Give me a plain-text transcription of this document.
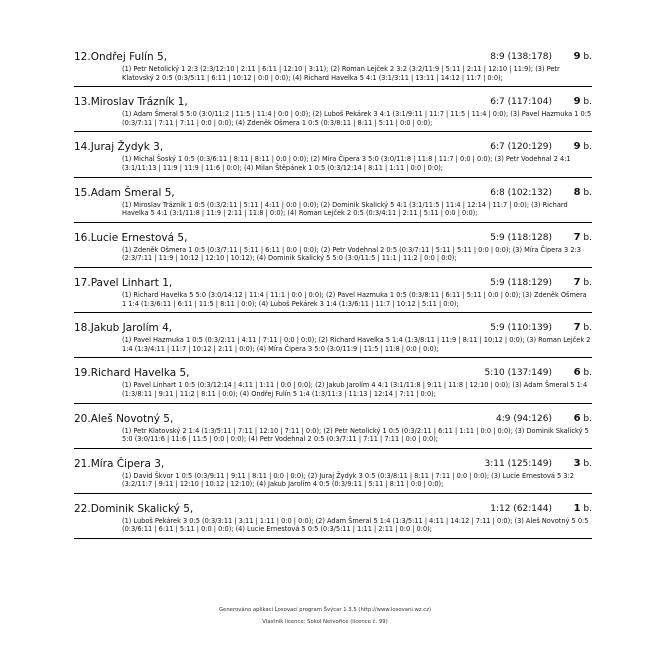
12.Ondřej Fulín 5,	8:9 (138:178) 9 b.
(1) Petr Netolický 1 2:3 (2:3/12:10 | 2:11 | 6:11 | 12:10 | 3:11); (2) Roman Lejček 2 3:2 (3:2/11:9 | 5:11 | 2:11 | 12:10 | 11:9); (3) Petr Klatovský 2 0:5 (0:3/5:11 | 6:11 | 10:12 | 0:0 | 0:0); (4) Richard Havelka 5 4:1 (3:1/3:11 | 13:11 | 14:12 | 11:7 | 0:0);
13.Miroslav Trázník 1,	6:7 (117:104) 9 b.
(1) Adam Šmeral 5 5:0 (3:0/11:2 | 11:5 | 11:4 | 0:0 | 0:0); (2) Luboš Pekárek 3 4:1 (3:1/9:11 | 11:7 | 11:5 | 11:4 | 0:0); (3) Pavel Hazmuka 1 0:5 (0:3/7:11 | 7:11 | 7:11 | 0:0 | 0:0); (4) Zdeněk Ošmera 1 0:5 (0:3/8:11 | 8:11 | 5:11 | 0:0 | 0:0);
14.Juraj Žydyk 3,	6:7 (120:129) 9 b.
(1) Michal Šoský 1 0:5 (0:3/6:11 | 8:11 | 8:11 | 0:0 | 0:0); (2) Míra Čipera 3 5:0 (3:0/11:8 | 11:8 | 11:7 | 0:0 | 0:0); (3) Petr Vodehnal 2 4:1 (3:1/11:13 | 11:9 | 11:9 | 11:6 | 0:0); (4) Milan Štěpánek 1 0:5 (0:3/12:14 | 8:11 | 1:11 | 0:0 | 0:0);
15.Adam Šmeral 5,	6:8 (102:132) 8 b.
(1) Miroslav Trázník 1 0:5 (0:3/2:11 | 5:11 | 4:11 | 0:0 | 0:0); (2) Dominik Skalický 5 4:1 (3:1/11:5 | 11:4 | 12:14 | 11:7 | 0:0); (3) Richard Havelka 5 4:1 (3:1/11:8 | 11:9 | 2:11 | 11:8 | 0:0); (4) Roman Lejček 2 0:5 (0:3/4:11 | 2:11 | 5:11 | 0:0 | 0:0);
16.Lucie Ernestová 5,	5:9 (118:128) 7 b.
(1) Zdeněk Ošmera 1 0:5 (0:3/7:11 | 5:11 | 6:11 | 0:0 | 0:0); (2) Petr Vodehnal 2 0:5 (0:3/7:11 | 5:11 | 5:11 | 0:0 | 0:0); (3) Míra Čipera 3 2:3 (2:3/7:11 | 11:9 | 10:12 | 12:10 | 10:12); (4) Dominik Skalický 5 5:0 (3:0/11:5 | 11:1 | 11:2 | 0:0 | 0:0);
17.Pavel Linhart 1,	5:9 (118:129) 7 b.
(1) Richard Havelka 5 5:0 (3:0/14:12 | 11:4 | 11:1 | 0:0 | 0:0); (2) Pavel Hazmuka 1 0:5 (0:3/8:11 | 6:11 | 5:11 | 0:0 | 0:0); (3) Zdeněk Ošmera 1 1:4 (1:3/6:11 | 6:11 | 11:5 | 8:11 | 0:0); (4) Luboš Pekárek 3 1:4 (1:3/6:11 | 11:7 | 10:12 | 5:11 | 0:0);
18.Jakub Jarolím 4,	5:9 (110:139) 7 b.
(1) Pavel Hazmuka 1 0:5 (0:3/2:11 | 4:11 | 7:11 | 0:0 | 0:0); (2) Richard Havelka 5 1:4 (1:3/8:11 | 11:9 | 8:11 | 10:12 | 0:0); (3) Roman Lejček 2 1:4 (1:3/4:11 | 11:7 | 10:12 | 2:11 | 0:0); (4) Míra Čipera 3 5:0 (3:0/11:9 | 11:5 | 11:8 | 0:0 | 0:0);
19.Richard Havelka 5,	5:10 (137:149) 6 b.
(1) Pavel Linhart 1 0:5 (0:3/12:14 | 4:11 | 1:11 | 0:0 | 0:0); (2) Jakub Jarolím 4 4:1 (3:1/11:8 | 9:11 | 11:8 | 12:10 | 0:0); (3) Adam Šmeral 5 1:4 (1:3/8:11 | 9:11 | 11:2 | 8:11 | 0:0); (4) Ondřej Fulín 5 1:4 (1:3/11:3 | 11:13 | 12:14 | 7:11 | 0:0);
20.Aleš Novotný 5,	4:9 (94:126) 6 b.
(1) Petr Klatovský 2 1:4 (1:3/5:11 | 7:11 | 12:10 | 7:11 | 0:0); (2) Petr Netolický 1 0:5 (0:3/2:11 | 6:11 | 1:11 | 0:0 | 0:0); (3) Dominik Skalický 5 5:0 (3:0/11:6 | 11:6 | 11:5 | 0:0 | 0:0); (4) Petr Vodehnal 2 0:5 (0:3/7:11 | 7:11 | 7:11 | 0:0 | 0:0);
21.Míra Čipera 3,	3:11 (125:149) 3 b.
(1) David Škvor 1 0:5 (0:3/9:11 | 9:11 | 8:11 | 0:0 | 0:0); (2) Juraj Žydyk 3 0:5 (0:3/8:11 | 8:11 | 7:11 | 0:0 | 0:0); (3) Lucie Ernestová 5 3:2 (3:2/11:7 | 9:11 | 12:10 | 10:12 | 12:10); (4) Jakub Jarolím 4 0:5 (0:3/9:11 | 5:11 | 8:11 | 0:0 | 0:0);
22.Dominik Skalický 5,	1:12 (62:144) 1 b.
(1) Luboš Pekárek 3 0:5 (0:3/3:11 | 3:11 | 1:11 | 0:0 | 0:0); (2) Adam Šmeral 5 1:4 (1:3/5:11 | 4:11 | 14:12 | 7:11 | 0:0); (3) Aleš Novotný 5 0:5 (0:3/6:11 | 6:11 | 5:11 | 0:0 | 0:0); (4) Lucie Ernestová 5 0:5 (0:3/5:11 | 1:11 | 2:11 | 0:0 | 0:0);
Generováno aplikací Losovací program Švýcar 1.3.5 (http://www.losovani.wz.cz)
Vlastník licence: Sokol Netvořice (licence č. 99)
